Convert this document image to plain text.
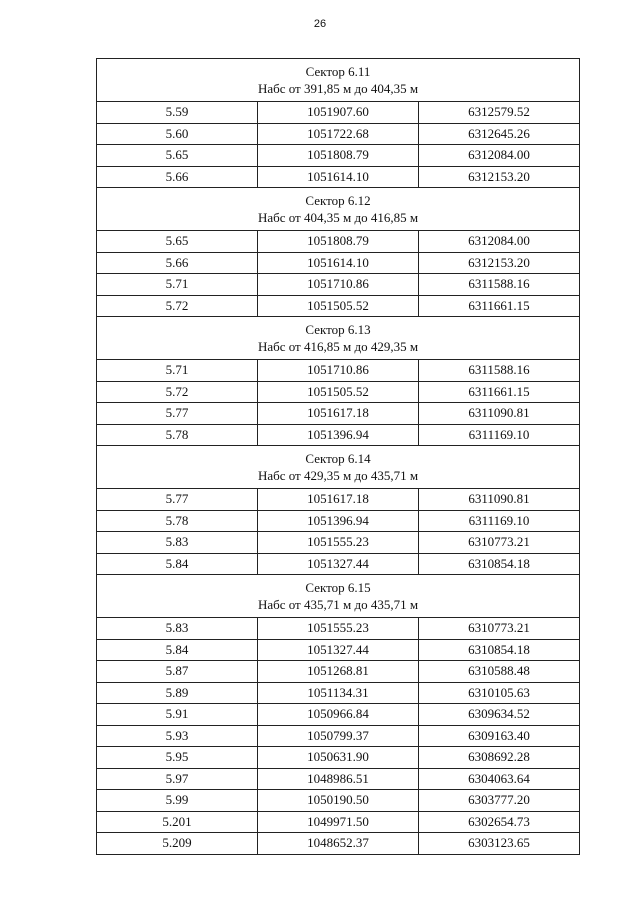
26
Сектор 6.11
Набс от 391,85 м до 404,35 м		

5.59	1051907.60	6312579.52
5.60	1051722.68	6312645.26
5.65	1051808.79	6312084.00
5.66	1051614.10	6312153.20

Сектор 6.12
Набс от 404,35 м до 416,85 м		

5.65	1051808.79	6312084.00
5.66	1051614.10	6312153.20
5.71	1051710.86	6311588.16
5.72	1051505.52	6311661.15

Сектор 6.13
Набс от 416,85 м до 429,35 м		

5.71	1051710.86	6311588.16
5.72	1051505.52	6311661.15
5.77	1051617.18	6311090.81
5.78	1051396.94	6311169.10

Сектор 6.14
Набс от 429,35 м до 435,71 м		

5.77	1051617.18	6311090.81
5.78	1051396.94	6311169.10
5.83	1051555.23	6310773.21
5.84	1051327.44	6310854.18

Сектор 6.15
Набс от 435,71 м до 435,71 м		

5.83	1051555.23	6310773.21
5.84	1051327.44	6310854.18
5.87	1051268.81	6310588.48
5.89	1051134.31	6310105.63
5.91	1050966.84	6309634.52
5.93	1050799.37	6309163.40
5.95	1050631.90	6308692.28
5.97	1048986.51	6304063.64
5.99	1050190.50	6303777.20
5.201	1049971.50	6302654.73
5.209	1048652.37	6303123.65
